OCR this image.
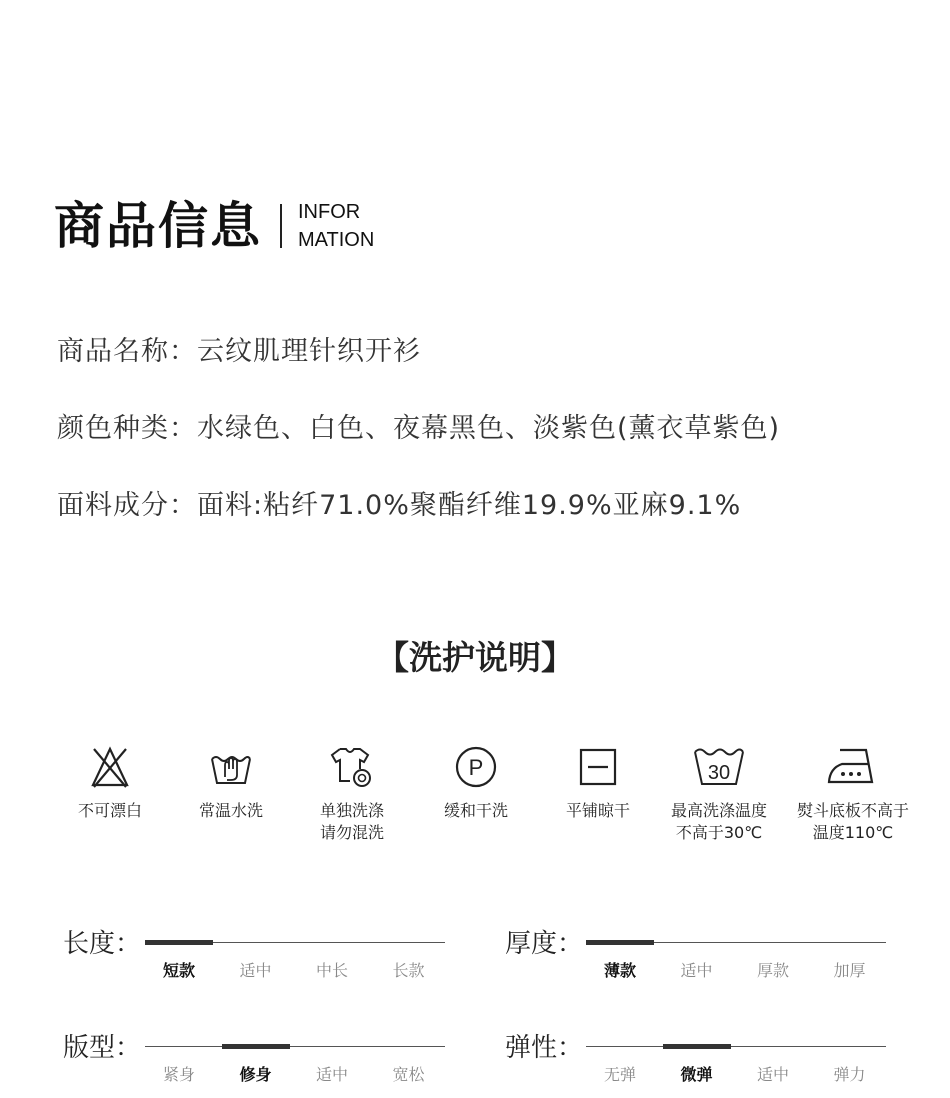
商品信息 INFOR
MATION
商品名称：云纹肌理针织开衫
颜色种类：水绿色、白色、夜幕黑色、淡紫色(薰衣草紫色)
面料成分：面料:粘纤71.0%聚酯纤维19.9%亚麻9.1%
【洗护说明】
不可漂白	常温水洗	单独洗涤
请勿混洗
P
缓和干洗	平铺晾干
30
最高洗涤温度
不高于30℃
熨斗底板不高于
温度110℃
长度：
短款	适中	中长	长款
厚度：
薄款	适中	厚款	加厚
版型：
紧身	修身	适中	宽松
弹性：
无弹	微弹	适中	弹力
